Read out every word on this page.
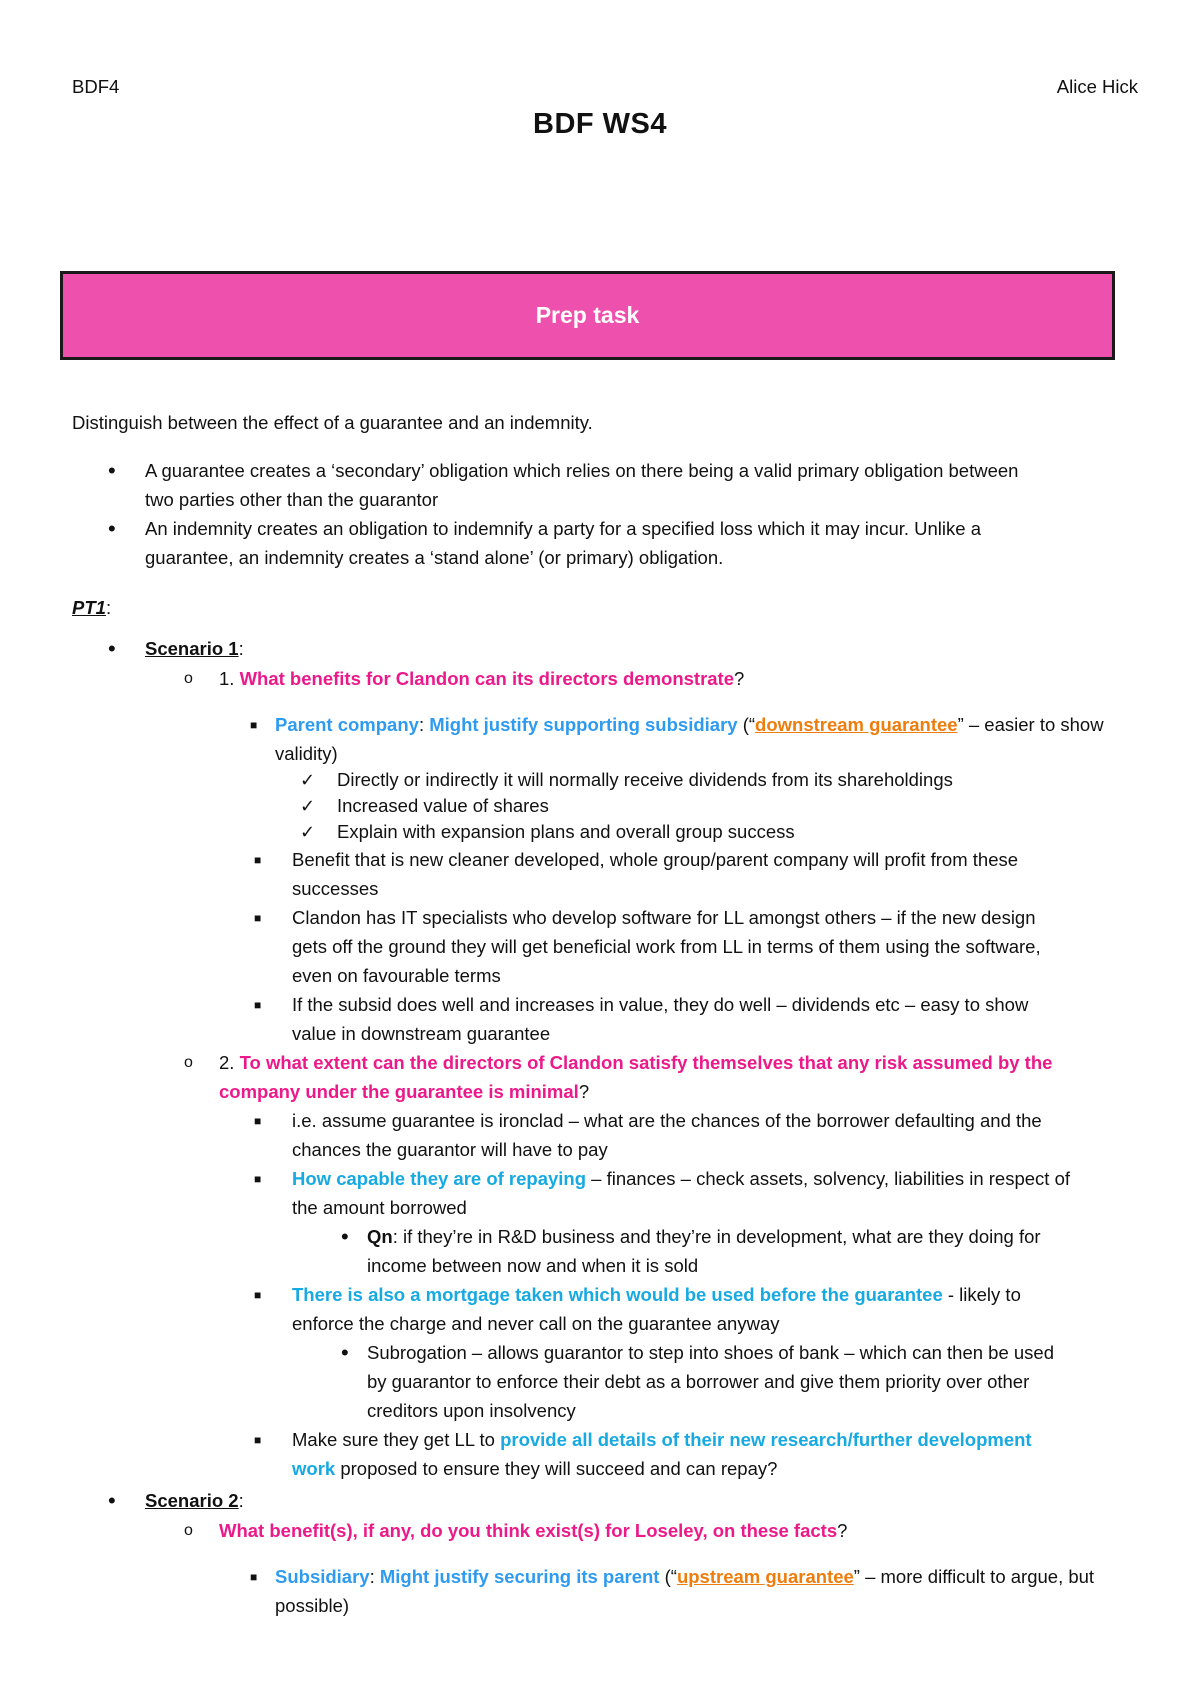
BDF4	Alice Hick
BDF WS4
Prep task
Distinguish between the effect of a guarantee and an indemnity.
• A guarantee creates a ‘secondary’ obligation which relies on there being a valid primary obligation between
two parties other than the guarantor
• An indemnity creates an obligation to indemnify a party for a specified loss which it may incur. Unlike a
guarantee, an indemnity creates a ‘stand alone’ (or primary) obligation.
PT1:
• Scenario 1:
o 1. What benefits for Clandon can its directors demonstrate?
■ Parent company: Might justify supporting subsidiary (“downstream guarantee” – easier to show
validity)
✓ Directly or indirectly it will normally receive dividends from its shareholdings
✓ Increased value of shares
✓ Explain with expansion plans and overall group success
■ Benefit that is new cleaner developed, whole group/parent company will profit from these
successes
■ Clandon has IT specialists who develop software for LL amongst others – if the new design
gets off the ground they will get beneficial work from LL in terms of them using the software,
even on favourable terms
■ If the subsid does well and increases in value, they do well – dividends etc – easy to show
value in downstream guarantee
o 2. To what extent can the directors of Clandon satisfy themselves that any risk assumed by the
company under the guarantee is minimal?
■ i.e. assume guarantee is ironclad – what are the chances of the borrower defaulting and the
chances the guarantor will have to pay
■ How capable they are of repaying – finances – check assets, solvency, liabilities in respect of
the amount borrowed
• Qn: if they’re in R&D business and they’re in development, what are they doing for
income between now and when it is sold
■ There is also a mortgage taken which would be used before the guarantee - likely to
enforce the charge and never call on the guarantee anyway
• Subrogation – allows guarantor to step into shoes of bank – which can then be used
by guarantor to enforce their debt as a borrower and give them priority over other
creditors upon insolvency
■ Make sure they get LL to provide all details of their new research/further development
work proposed to ensure they will succeed and can repay?
• Scenario 2:
o What benefit(s), if any, do you think exist(s) for Loseley, on these facts?
■ Subsidiary: Might justify securing its parent (“upstream guarantee” – more difficult to argue, but
possible)
